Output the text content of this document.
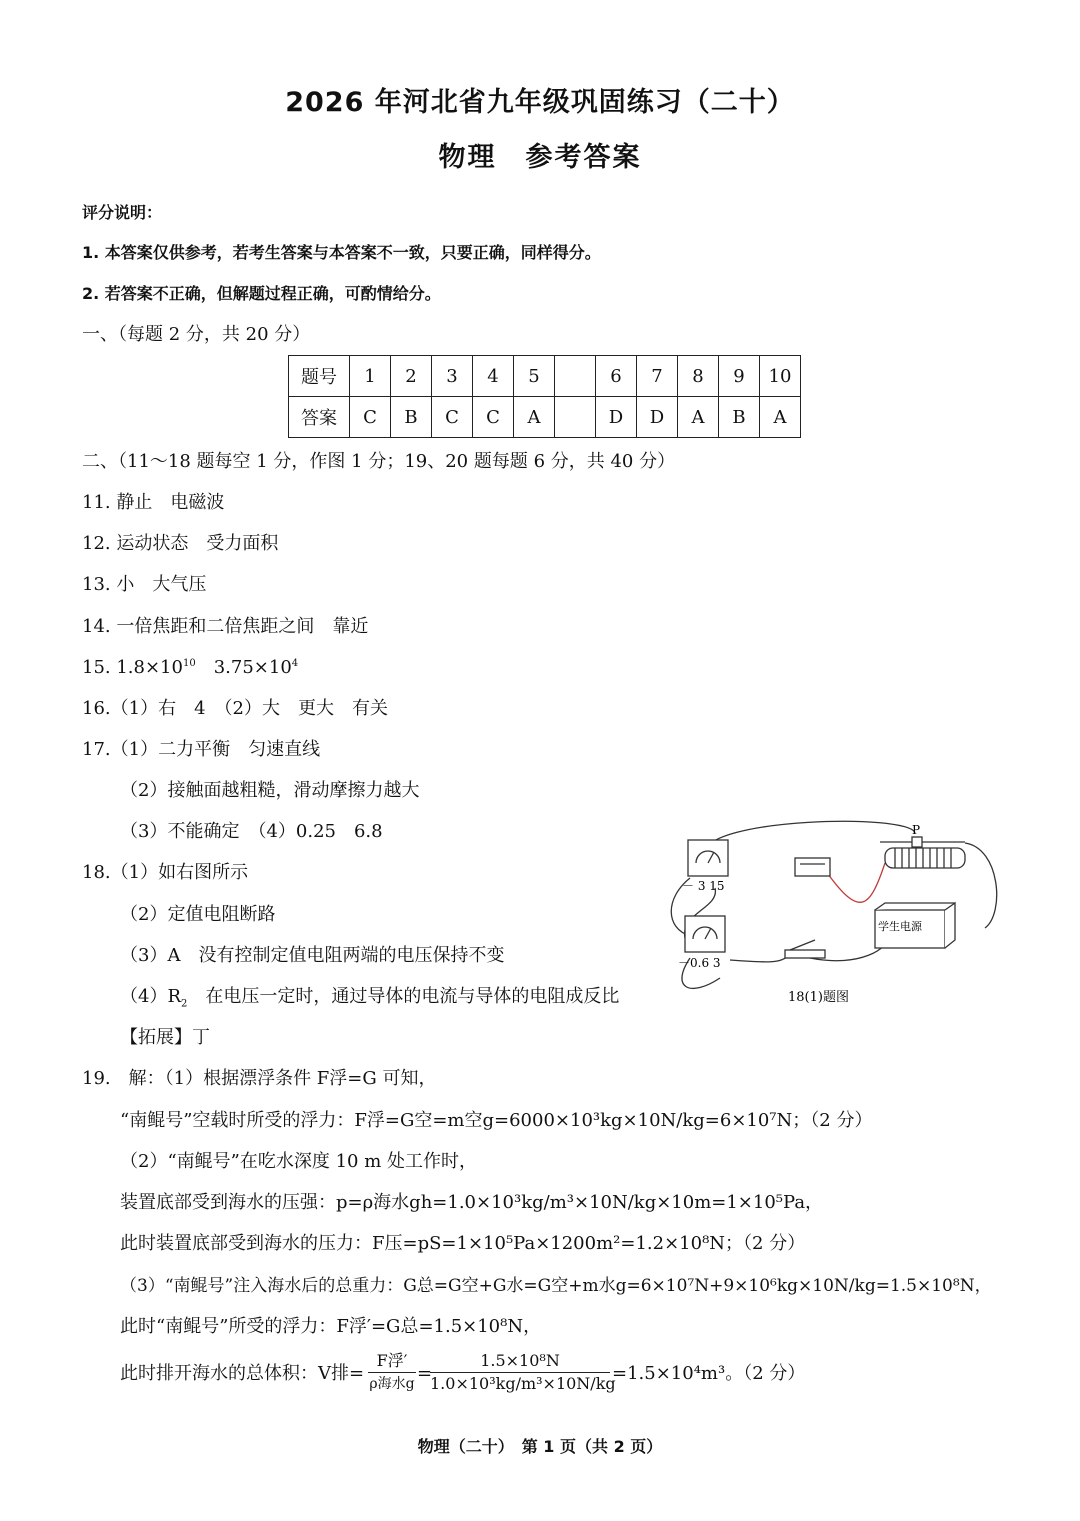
2026 年河北省九年级巩固练习（二十）
物理　参考答案
评分说明：
1. 本答案仅供参考，若考生答案与本答案不一致，只要正确，同样得分。
2. 若答案不正确，但解题过程正确，可酌情给分。
一、（每题 2 分，共 20 分）
题号	1	2	3	4	5		6	7	8	9	10
答案	C	B	C	C	A		D	D	A	B	A
二、（11～18 题每空 1 分，作图 1 分；19、20 题每题 6 分，共 40 分）
11. 静止　电磁波
12. 运动状态　受力面积
13. 小　大气压
14. 一倍焦距和二倍焦距之间　靠近
15. $1.8\times 10^{10}$　$3.75\times 10^4$
16.（1）右　4　（2）大　更大　有关
17.（1）二力平衡　匀速直线
（2）接触面越粗糙，滑动摩擦力越大
（3）不能确定　（4）0.25　6.8
18.（1）如右图所示
（2）定值电阻断路
（3）A　没有控制定值电阻两端的电压保持不变
$(4)R_2$　在电压一定时，通过导体的电流与导体的电阻成反比
【拓展】丁
－ 3 15
P
－0.6 3
学生电源
18(1)题图
19.　解：（1）根据漂浮条件 F浮=G 可知，
“南鲲号”空载时所受的浮力：F浮=G空=m空g=6000×10³kg×10N/kg=6×10⁷N；（2 分）
（2）“南鲲号”在吃水深度 10 m 处工作时，
装置底部受到海水的压强：p=ρ海水gh=1.0×10³kg/m³×10N/kg×10m=1×10⁵Pa，
此时装置底部受到海水的压力：F压=pS=1×10⁵Pa×1200m²=1.2×10⁸N；（2 分）
（3）“南鲲号”注入海水后的总重力：G总=G空+G水=G空+m水g=6×10⁷N+9×10⁶kg×10N/kg=1.5×10⁸N，
此时“南鲲号”所受的浮力：F浮′=G总=1.5×10⁸N，
此时排开海水的总体积：V排=
F浮′
ρ海水g =
1.5×10⁸N
1.0×10³kg/m³×10N/kg
=1.5×10⁴m³。（2 分）
物理（二十）　第 1 页（共 2 页）
